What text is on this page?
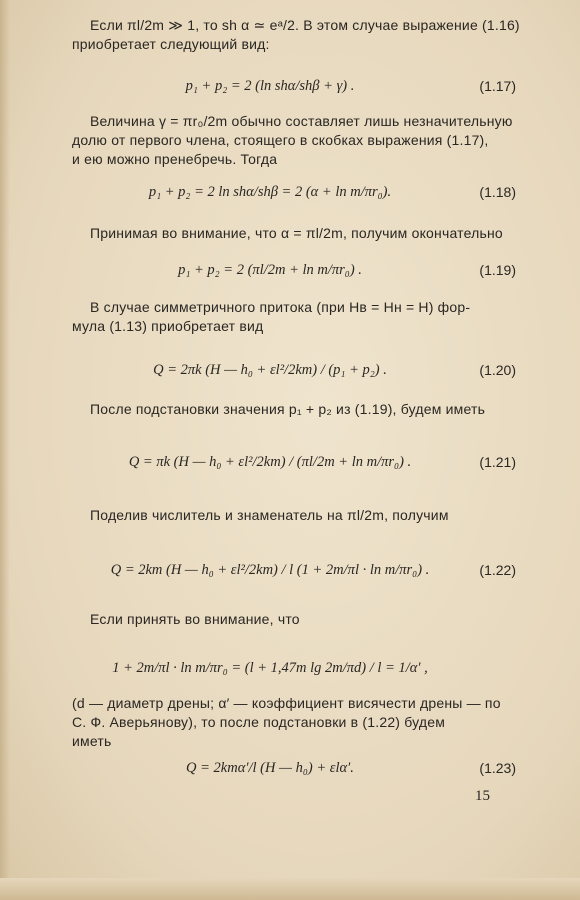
Если πl/2m ≫ 1, то sh α ≃ eᵃ/2. В этом случае выражение (1.16)
приобретает следующий вид:
p₁ + p₂ = 2 (ln shα/shβ + γ) .	(1.17)
Величина γ = πr₀/2m обычно составляет лишь незначительную
долю от первого члена, стоящего в скобках выражения (1.17),
и ею можно пренебречь. Тогда
p₁ + p₂ = 2 ln shα/shβ = 2 (α + ln m/πr₀).	(1.18)
Принимая во внимание, что α = πl/2m, получим окончательно
p₁ + p₂ = 2 (πl/2m + ln m/πr₀) .	(1.19)
В случае симметричного притока (при Hв = Hн = H) фор-
мула (1.13) приобретает вид
Q = 2πk (H — h₀ + εl²/2km) / (p₁ + p₂) .	(1.20)
После подстановки значения p₁ + p₂ из (1.19), будем иметь
Q = πk (H — h₀ + εl²/2km) / (πl/2m + ln m/πr₀) .	(1.21)
Поделив числитель и знаменатель на πl/2m, получим
Q = 2km (H — h₀ + εl²/2km) / l (1 + 2m/πl · ln m/πr₀) .	(1.22)
Если принять во внимание, что
1 + 2m/πl · ln m/πr₀ = (l + 1,47m lg 2m/πd) / l = 1/α′ ,
(d — диаметр дрены; α′ — коэффициент висячести дрены — по
С. Ф. Аверьянову), то после подстановки в (1.22) будем
иметь
Q = 2kmα′/l (H — h₀) + εlα′.	(1.23)
15
